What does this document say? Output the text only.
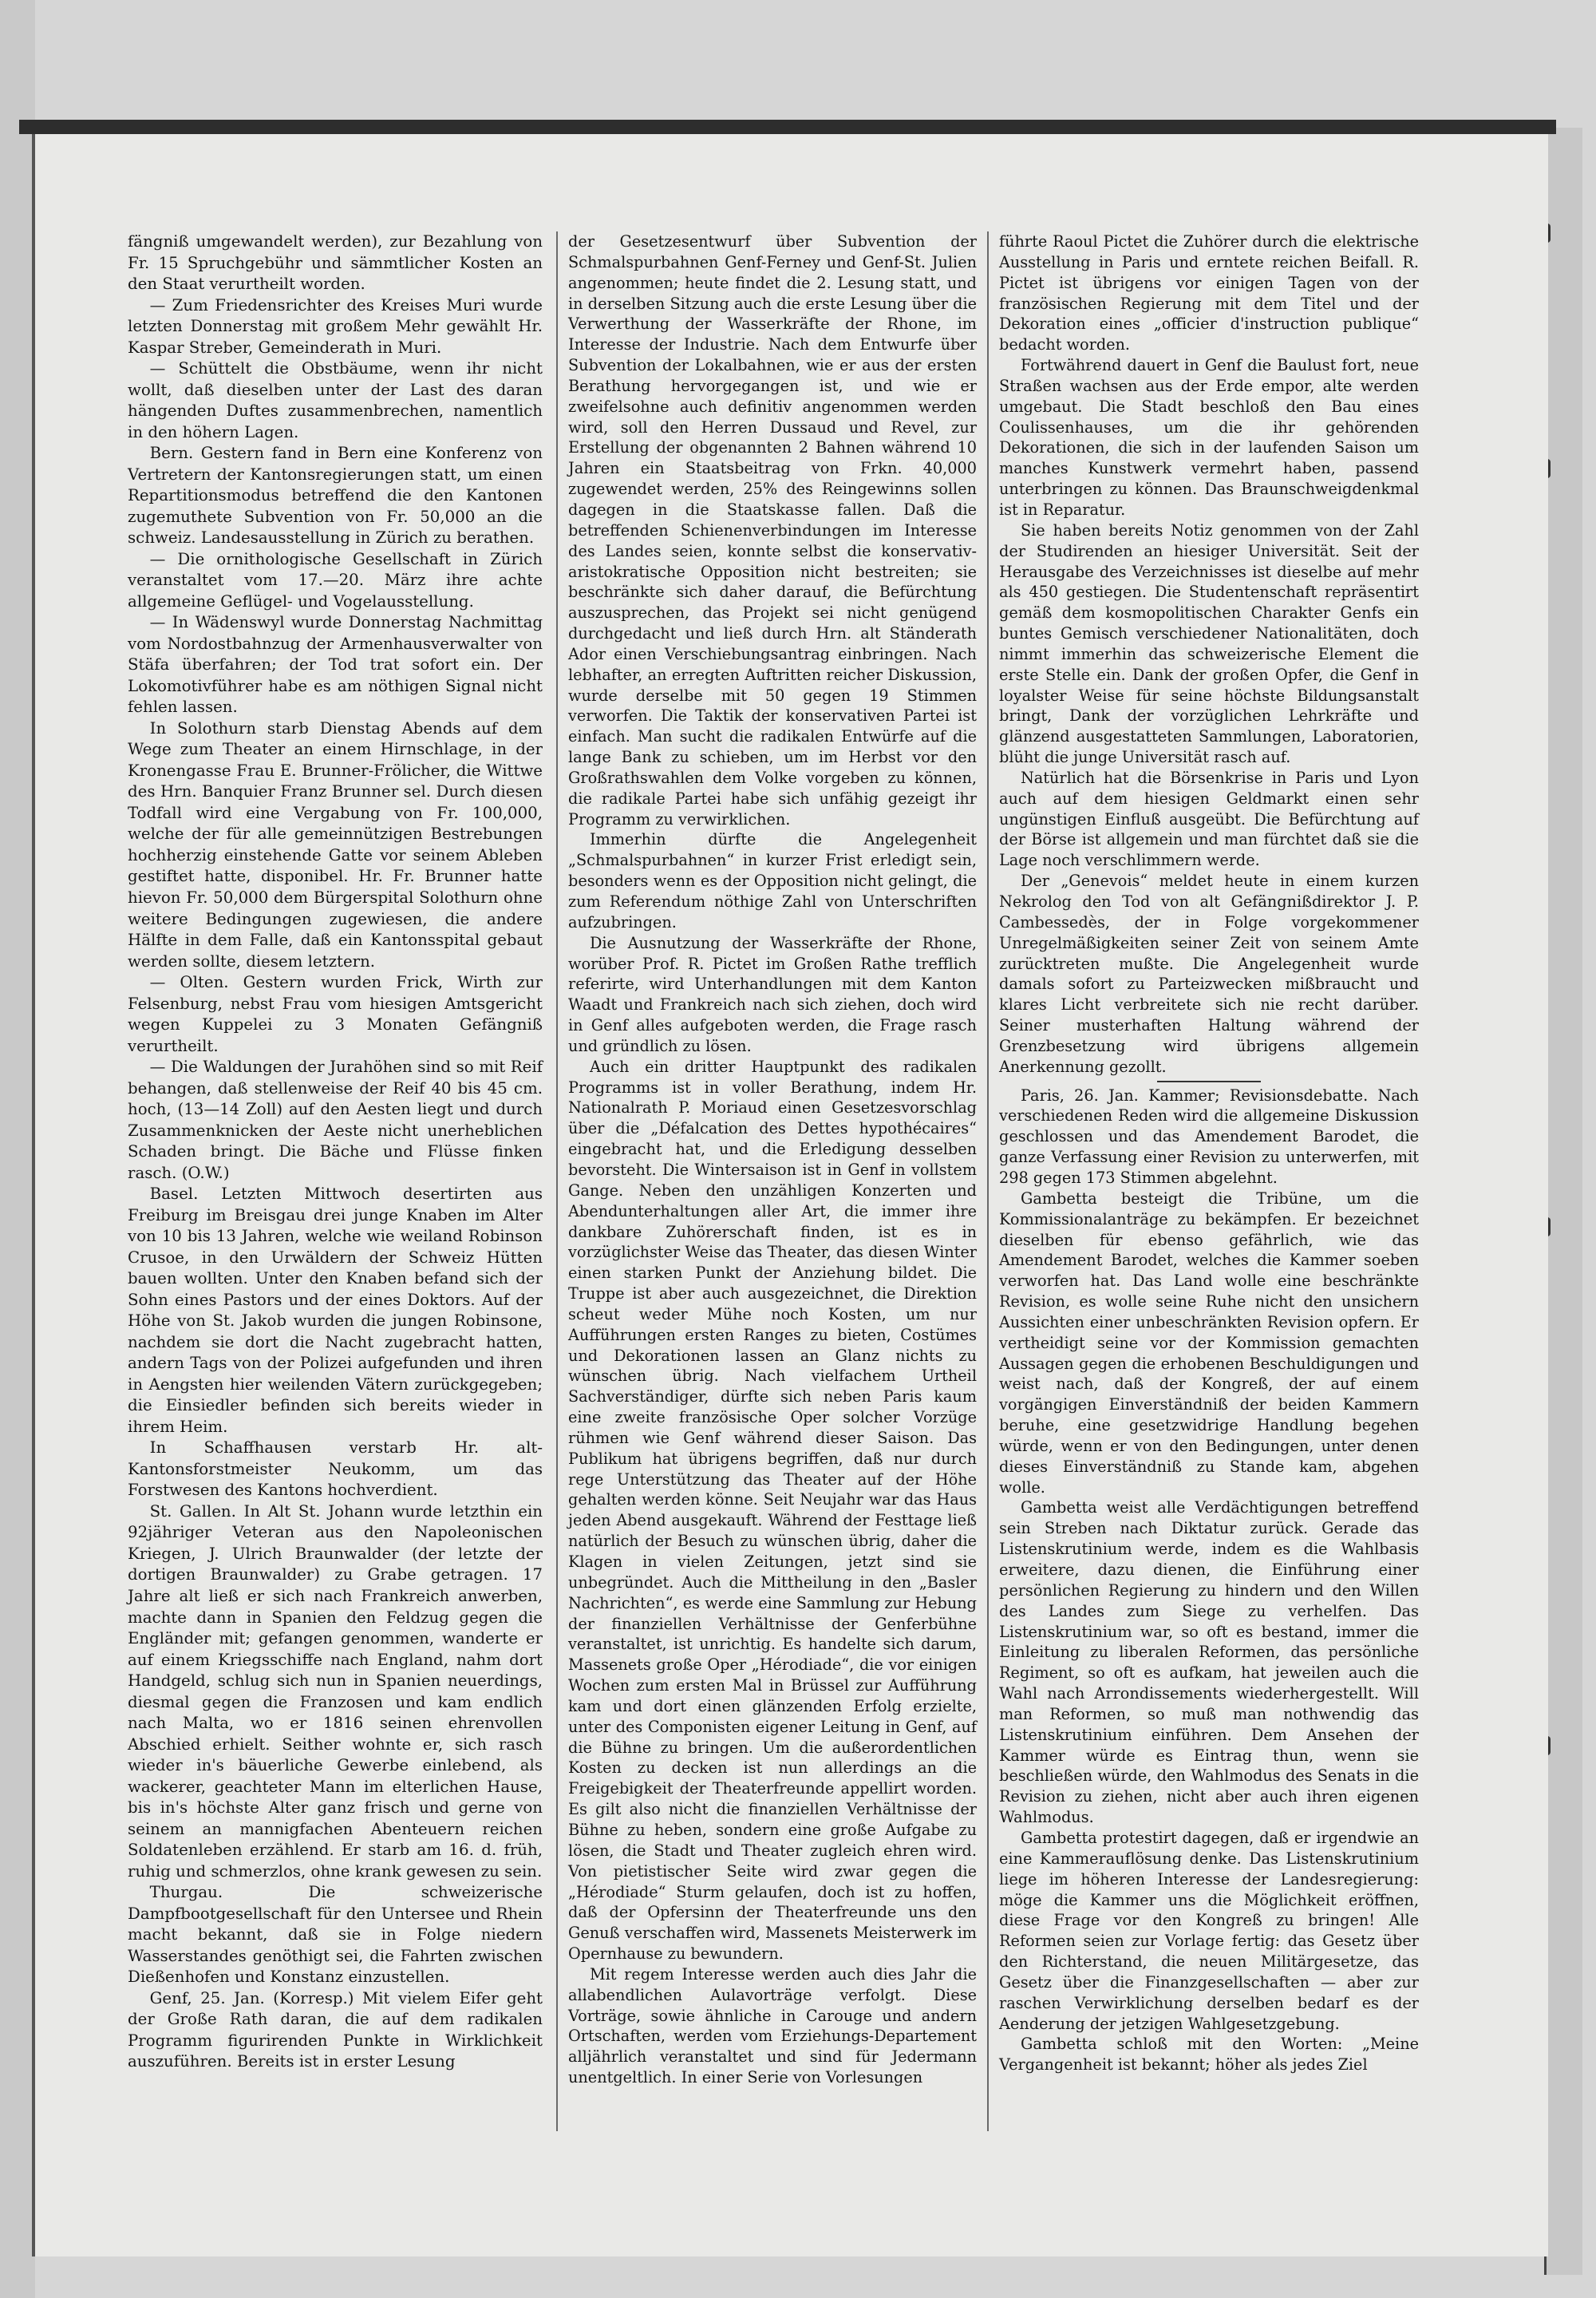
fängniß umgewandelt werden), zur Bezahlung von Fr. 15 Spruchgebühr und sämmtlicher Kosten an den Staat verurtheilt worden.

— Zum Friedensrichter des Kreises Muri wurde letzten Donnerstag mit großem Mehr gewählt Hr. Kaspar Streber, Gemeinderath in Muri.

— Schüttelt die Obstbäume, wenn ihr nicht wollt, daß dieselben unter der Last des daran hängenden Duftes zusammenbrechen, namentlich in den höhern Lagen.

Bern. Gestern fand in Bern eine Konferenz von Vertretern der Kantonsregierungen statt, um einen Repartitionsmodus betreffend die den Kantonen zugemuthete Subvention von Fr. 50,000 an die schweiz. Landesausstellung in Zürich zu berathen.

— Die ornithologische Gesellschaft in Zürich veranstaltet vom 17.—20. März ihre achte allgemeine Geflügel- und Vogelausstellung.

— In Wädenswyl wurde Donnerstag Nachmittag vom Nordostbahnzug der Armenhausverwalter von Stäfa überfahren; der Tod trat sofort ein. Der Lokomotivführer habe es am nöthigen Signal nicht fehlen lassen.

In Solothurn starb Dienstag Abends auf dem Wege zum Theater an einem Hirnschlage, in der Kronengasse Frau E. Brunner-Frölicher, die Wittwe des Hrn. Banquier Franz Brunner sel. Durch diesen Todfall wird eine Vergabung von Fr. 100,000, welche der für alle gemeinnützigen Bestrebungen hochherzig einstehende Gatte vor seinem Ableben gestiftet hatte, disponibel. Hr. Fr. Brunner hatte hievon Fr. 50,000 dem Bürgerspital Solothurn ohne weitere Bedingungen zugewiesen, die andere Hälfte in dem Falle, daß ein Kantonsspital gebaut werden sollte, diesem letztern.

— Olten. Gestern wurden Frick, Wirth zur Felsenburg, nebst Frau vom hiesigen Amtsgericht wegen Kuppelei zu 3 Monaten Gefängniß verurtheilt.

— Die Waldungen der Jurahöhen sind so mit Reif behangen, daß stellenweise der Reif 40 bis 45 cm. hoch, (13—14 Zoll) auf den Aesten liegt und durch Zusammenknicken der Aeste nicht unerheblichen Schaden bringt. Die Bäche und Flüsse finken rasch. (O.W.)

Basel. Letzten Mittwoch desertirten aus Freiburg im Breisgau drei junge Knaben im Alter von 10 bis 13 Jahren, welche wie weiland Robinson Crusoe, in den Urwäldern der Schweiz Hütten bauen wollten. Unter den Knaben befand sich der Sohn eines Pastors und der eines Doktors. Auf der Höhe von St. Jakob wurden die jungen Robinsone, nachdem sie dort die Nacht zugebracht hatten, andern Tags von der Polizei aufgefunden und ihren in Aengsten hier weilenden Vätern zurückgegeben; die Einsiedler befinden sich bereits wieder in ihrem Heim.

In Schaffhausen verstarb Hr. alt-Kantonsforstmeister Neukomm, um das Forstwesen des Kantons hochverdient.

St. Gallen. In Alt St. Johann wurde letzthin ein 92jähriger Veteran aus den Napoleonischen Kriegen, J. Ulrich Braunwalder (der letzte der dortigen Braunwalder) zu Grabe getragen. 17 Jahre alt ließ er sich nach Frankreich anwerben, machte dann in Spanien den Feldzug gegen die Engländer mit; gefangen genommen, wanderte er auf einem Kriegsschiffe nach England, nahm dort Handgeld, schlug sich nun in Spanien neuerdings, diesmal gegen die Franzosen und kam endlich nach Malta, wo er 1816 seinen ehrenvollen Abschied erhielt. Seither wohnte er, sich rasch wieder in's bäuerliche Gewerbe einlebend, als wackerer, geachteter Mann im elterlichen Hause, bis in's höchste Alter ganz frisch und gerne von seinem an mannigfachen Abenteuern reichen Soldatenleben erzählend. Er starb am 16. d. früh, ruhig und schmerzlos, ohne krank gewesen zu sein.

Thurgau. Die schweizerische Dampfbootgesellschaft für den Untersee und Rhein macht bekannt, daß sie in Folge niedern Wasserstandes genöthigt sei, die Fahrten zwischen Dießenhofen und Konstanz einzustellen.

Genf, 25. Jan. (Korresp.) Mit vielem Eifer geht der Große Rath daran, die auf dem radikalen Programm figurirenden Punkte in Wirklichkeit auszuführen. Bereits ist in erster Lesung

der Gesetzesentwurf über Subvention der Schmalspurbahnen Genf-Ferney und Genf-St. Julien angenommen; heute findet die 2. Lesung statt, und in derselben Sitzung auch die erste Lesung über die Verwerthung der Wasserkräfte der Rhone, im Interesse der Industrie. Nach dem Entwurfe über Subvention der Lokalbahnen, wie er aus der ersten Berathung hervorgegangen ist, und wie er zweifelsohne auch definitiv angenommen werden wird, soll den Herren Dussaud und Revel, zur Erstellung der obgenannten 2 Bahnen während 10 Jahren ein Staatsbeitrag von Frkn. 40,000 zugewendet werden, 25% des Reingewinns sollen dagegen in die Staatskasse fallen. Daß die betreffenden Schienenverbindungen im Interesse des Landes seien, konnte selbst die konservativ-aristokratische Opposition nicht bestreiten; sie beschränkte sich daher darauf, die Befürchtung auszusprechen, das Projekt sei nicht genügend durchgedacht und ließ durch Hrn. alt Ständerath Ador einen Verschiebungsantrag einbringen. Nach lebhafter, an erregten Auftritten reicher Diskussion, wurde derselbe mit 50 gegen 19 Stimmen verworfen. Die Taktik der konservativen Partei ist einfach. Man sucht die radikalen Entwürfe auf die lange Bank zu schieben, um im Herbst vor den Großrathswahlen dem Volke vorgeben zu können, die radikale Partei habe sich unfähig gezeigt ihr Programm zu verwirklichen.

Immerhin dürfte die Angelegenheit „Schmalspurbahnen“ in kurzer Frist erledigt sein, besonders wenn es der Opposition nicht gelingt, die zum Referendum nöthige Zahl von Unterschriften aufzubringen.

Die Ausnutzung der Wasserkräfte der Rhone, worüber Prof. R. Pictet im Großen Rathe trefflich referirte, wird Unterhandlungen mit dem Kanton Waadt und Frankreich nach sich ziehen, doch wird in Genf alles aufgeboten werden, die Frage rasch und gründlich zu lösen.

Auch ein dritter Hauptpunkt des radikalen Programms ist in voller Berathung, indem Hr. Nationalrath P. Moriaud einen Gesetzesvorschlag über die „Défalcation des Dettes hypothécaires“ eingebracht hat, und die Erledigung desselben bevorsteht. Die Wintersaison ist in Genf in vollstem Gange. Neben den unzähligen Konzerten und Abendunterhaltungen aller Art, die immer ihre dankbare Zuhörerschaft finden, ist es in vorzüglichster Weise das Theater, das diesen Winter einen starken Punkt der Anziehung bildet. Die Truppe ist aber auch ausgezeichnet, die Direktion scheut weder Mühe noch Kosten, um nur Aufführungen ersten Ranges zu bieten, Costümes und Dekorationen lassen an Glanz nichts zu wünschen übrig. Nach vielfachem Urtheil Sachverständiger, dürfte sich neben Paris kaum eine zweite französische Oper solcher Vorzüge rühmen wie Genf während dieser Saison. Das Publikum hat übrigens begriffen, daß nur durch rege Unterstützung das Theater auf der Höhe gehalten werden könne. Seit Neujahr war das Haus jeden Abend ausgekauft. Während der Festtage ließ natürlich der Besuch zu wünschen übrig, daher die Klagen in vielen Zeitungen, jetzt sind sie unbegründet. Auch die Mittheilung in den „Basler Nachrichten“, es werde eine Sammlung zur Hebung der finanziellen Verhältnisse der Genferbühne veranstaltet, ist unrichtig. Es handelte sich darum, Massenets große Oper „Hérodiade“, die vor einigen Wochen zum ersten Mal in Brüssel zur Aufführung kam und dort einen glänzenden Erfolg erzielte, unter des Componisten eigener Leitung in Genf, auf die Bühne zu bringen. Um die außerordentlichen Kosten zu decken ist nun allerdings an die Freigebigkeit der Theaterfreunde appellirt worden. Es gilt also nicht die finanziellen Verhältnisse der Bühne zu heben, sondern eine große Aufgabe zu lösen, die Stadt und Theater zugleich ehren wird. Von pietistischer Seite wird zwar gegen die „Hérodiade“ Sturm gelaufen, doch ist zu hoffen, daß der Opfersinn der Theaterfreunde uns den Genuß verschaffen wird, Massenets Meisterwerk im Opernhause zu bewundern.

Mit regem Interesse werden auch dies Jahr die allabendlichen Aulavorträge verfolgt. Diese Vorträge, sowie ähnliche in Carouge und andern Ortschaften, werden vom Erziehungs-Departement alljährlich veranstaltet und sind für Jedermann unentgeltlich. In einer Serie von Vorlesungen

führte Raoul Pictet die Zuhörer durch die elektrische Ausstellung in Paris und erntete reichen Beifall. R. Pictet ist übrigens vor einigen Tagen von der französischen Regierung mit dem Titel und der Dekoration eines „officier d'instruction publique“ bedacht worden.

Fortwährend dauert in Genf die Baulust fort, neue Straßen wachsen aus der Erde empor, alte werden umgebaut. Die Stadt beschloß den Bau eines Coulissenhauses, um die ihr gehörenden Dekorationen, die sich in der laufenden Saison um manches Kunstwerk vermehrt haben, passend unterbringen zu können. Das Braunschweigdenkmal ist in Reparatur.

Sie haben bereits Notiz genommen von der Zahl der Studirenden an hiesiger Universität. Seit der Herausgabe des Verzeichnisses ist dieselbe auf mehr als 450 gestiegen. Die Studentenschaft repräsentirt gemäß dem kosmopolitischen Charakter Genfs ein buntes Gemisch verschiedener Nationalitäten, doch nimmt immerhin das schweizerische Element die erste Stelle ein. Dank der großen Opfer, die Genf in loyalster Weise für seine höchste Bildungsanstalt bringt, Dank der vorzüglichen Lehrkräfte und glänzend ausgestatteten Sammlungen, Laboratorien, blüht die junge Universität rasch auf.

Natürlich hat die Börsenkrise in Paris und Lyon auch auf dem hiesigen Geldmarkt einen sehr ungünstigen Einfluß ausgeübt. Die Befürchtung auf der Börse ist allgemein und man fürchtet daß sie die Lage noch verschlimmern werde.

Der „Genevois“ meldet heute in einem kurzen Nekrolog den Tod von alt Gefängnißdirektor J. P. Cambessedès, der in Folge vorgekommener Unregelmäßigkeiten seiner Zeit von seinem Amte zurücktreten mußte. Die Angelegenheit wurde damals sofort zu Parteizwecken mißbraucht und klares Licht verbreitete sich nie recht darüber. Seiner musterhaften Haltung während der Grenzbesetzung wird übrigens allgemein Anerkennung gezollt.

Paris, 26. Jan. Kammer; Revisionsdebatte. Nach verschiedenen Reden wird die allgemeine Diskussion geschlossen und das Amendement Barodet, die ganze Verfassung einer Revision zu unterwerfen, mit 298 gegen 173 Stimmen abgelehnt.

Gambetta besteigt die Tribüne, um die Kommissionalanträge zu bekämpfen. Er bezeichnet dieselben für ebenso gefährlich, wie das Amendement Barodet, welches die Kammer soeben verworfen hat. Das Land wolle eine beschränkte Revision, es wolle seine Ruhe nicht den unsichern Aussichten einer unbeschränkten Revision opfern. Er vertheidigt seine vor der Kommission gemachten Aussagen gegen die erhobenen Beschuldigungen und weist nach, daß der Kongreß, der auf einem vorgängigen Einverständniß der beiden Kammern beruhe, eine gesetzwidrige Handlung begehen würde, wenn er von den Bedingungen, unter denen dieses Einverständniß zu Stande kam, abgehen wolle.

Gambetta weist alle Verdächtigungen betreffend sein Streben nach Diktatur zurück. Gerade das Listenskrutinium werde, indem es die Wahlbasis erweitere, dazu dienen, die Einführung einer persönlichen Regierung zu hindern und den Willen des Landes zum Siege zu verhelfen. Das Listenskrutinium war, so oft es bestand, immer die Einleitung zu liberalen Reformen, das persönliche Regiment, so oft es aufkam, hat jeweilen auch die Wahl nach Arrondissements wiederhergestellt. Will man Reformen, so muß man nothwendig das Listenskrutinium einführen. Dem Ansehen der Kammer würde es Eintrag thun, wenn sie beschließen würde, den Wahlmodus des Senats in die Revision zu ziehen, nicht aber auch ihren eigenen Wahlmodus.

Gambetta protestirt dagegen, daß er irgendwie an eine Kammerauflösung denke. Das Listenskrutinium liege im höheren Interesse der Landesregierung: möge die Kammer uns die Möglichkeit eröffnen, diese Frage vor den Kongreß zu bringen! Alle Reformen seien zur Vorlage fertig: das Gesetz über den Richterstand, die neuen Militärgesetze, das Gesetz über die Finanzgesellschaften — aber zur raschen Verwirklichung derselben bedarf es der Aenderung der jetzigen Wahlgesetzgebung.

Gambetta schloß mit den Worten: „Meine Vergangenheit ist bekannt; höher als jedes Ziel
